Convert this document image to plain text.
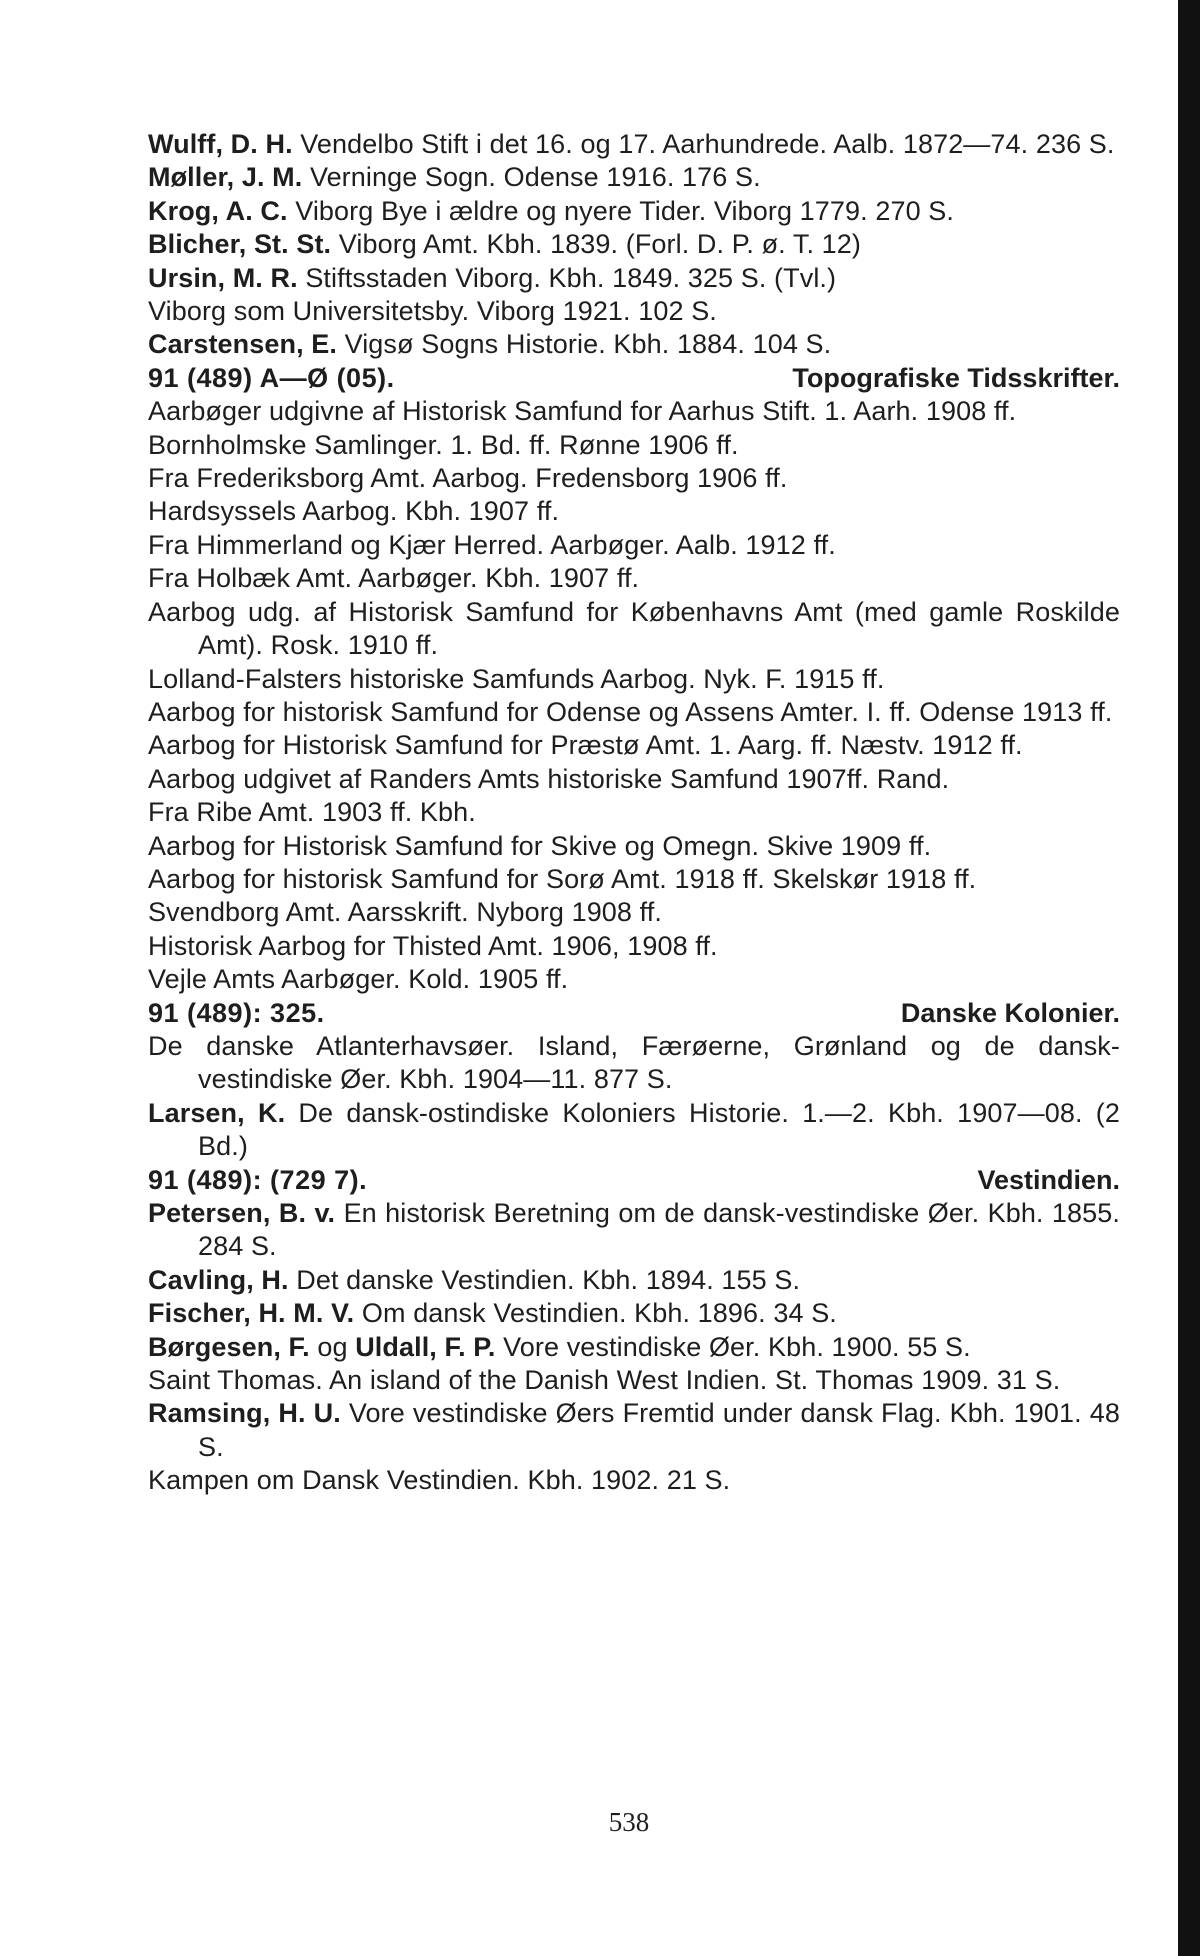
Wulff, D. H. Vendelbo Stift i det 16. og 17. Aarhundrede. Aalb. 1872—74. 236 S.
Møller, J. M. Verninge Sogn. Odense 1916. 176 S.
Krog, A. C. Viborg Bye i ældre og nyere Tider. Viborg 1779. 270 S.
Blicher, St. St. Viborg Amt. Kbh. 1839. (Forl. D. P. ø. T. 12)
Ursin, M. R. Stiftsstaden Viborg. Kbh. 1849. 325 S. (Tvl.)
Viborg som Universitetsby. Viborg 1921. 102 S.
Carstensen, E. Vigsø Sogns Historie. Kbh. 1884. 104 S.
91 (489) A—Ø (05).	Topografiske Tidsskrifter.
Aarbøger udgivne af Historisk Samfund for Aarhus Stift. 1. Aarh. 1908 ff.
Bornholmske Samlinger. 1. Bd. ff. Rønne 1906 ff.
Fra Frederiksborg Amt. Aarbog. Fredensborg 1906 ff.
Hardsyssels Aarbog. Kbh. 1907 ff.
Fra Himmerland og Kjær Herred. Aarbøger. Aalb. 1912 ff.
Fra Holbæk Amt. Aarbøger. Kbh. 1907 ff.
Aarbog udg. af Historisk Samfund for Københavns Amt (med gamle Roskilde Amt). Rosk. 1910 ff.
Lolland-Falsters historiske Samfunds Aarbog. Nyk. F. 1915 ff.
Aarbog for historisk Samfund for Odense og Assens Amter. I. ff. Odense 1913 ff.
Aarbog for Historisk Samfund for Præstø Amt. 1. Aarg. ff. Næstv. 1912 ff.
Aarbog udgivet af Randers Amts historiske Samfund 1907ff. Rand.
Fra Ribe Amt. 1903 ff. Kbh.
Aarbog for Historisk Samfund for Skive og Omegn. Skive 1909 ff.
Aarbog for historisk Samfund for Sorø Amt. 1918 ff. Skelskør 1918 ff.
Svendborg Amt. Aarsskrift. Nyborg 1908 ff.
Historisk Aarbog for Thisted Amt. 1906, 1908 ff.
Vejle Amts Aarbøger. Kold. 1905 ff.
91 (489): 325.	Danske Kolonier.
De danske Atlanterhavsøer. Island, Færøerne, Grønland og de dansk-vestindiske Øer. Kbh. 1904—11. 877 S.
Larsen, K. De dansk-ostindiske Koloniers Historie. 1.—2. Kbh. 1907—08. (2 Bd.)
91 (489): (729 7).	Vestindien.
Petersen, B. v. En historisk Beretning om de dansk-vestindiske Øer. Kbh. 1855. 284 S.
Cavling, H. Det danske Vestindien. Kbh. 1894. 155 S.
Fischer, H. M. V. Om dansk Vestindien. Kbh. 1896. 34 S.
Børgesen, F. og Uldall, F. P. Vore vestindiske Øer. Kbh. 1900. 55 S.
Saint Thomas. An island of the Danish West Indien. St. Thomas 1909. 31 S.
Ramsing, H. U. Vore vestindiske Øers Fremtid under dansk Flag. Kbh. 1901. 48 S.
Kampen om Dansk Vestindien. Kbh. 1902. 21 S.
538
